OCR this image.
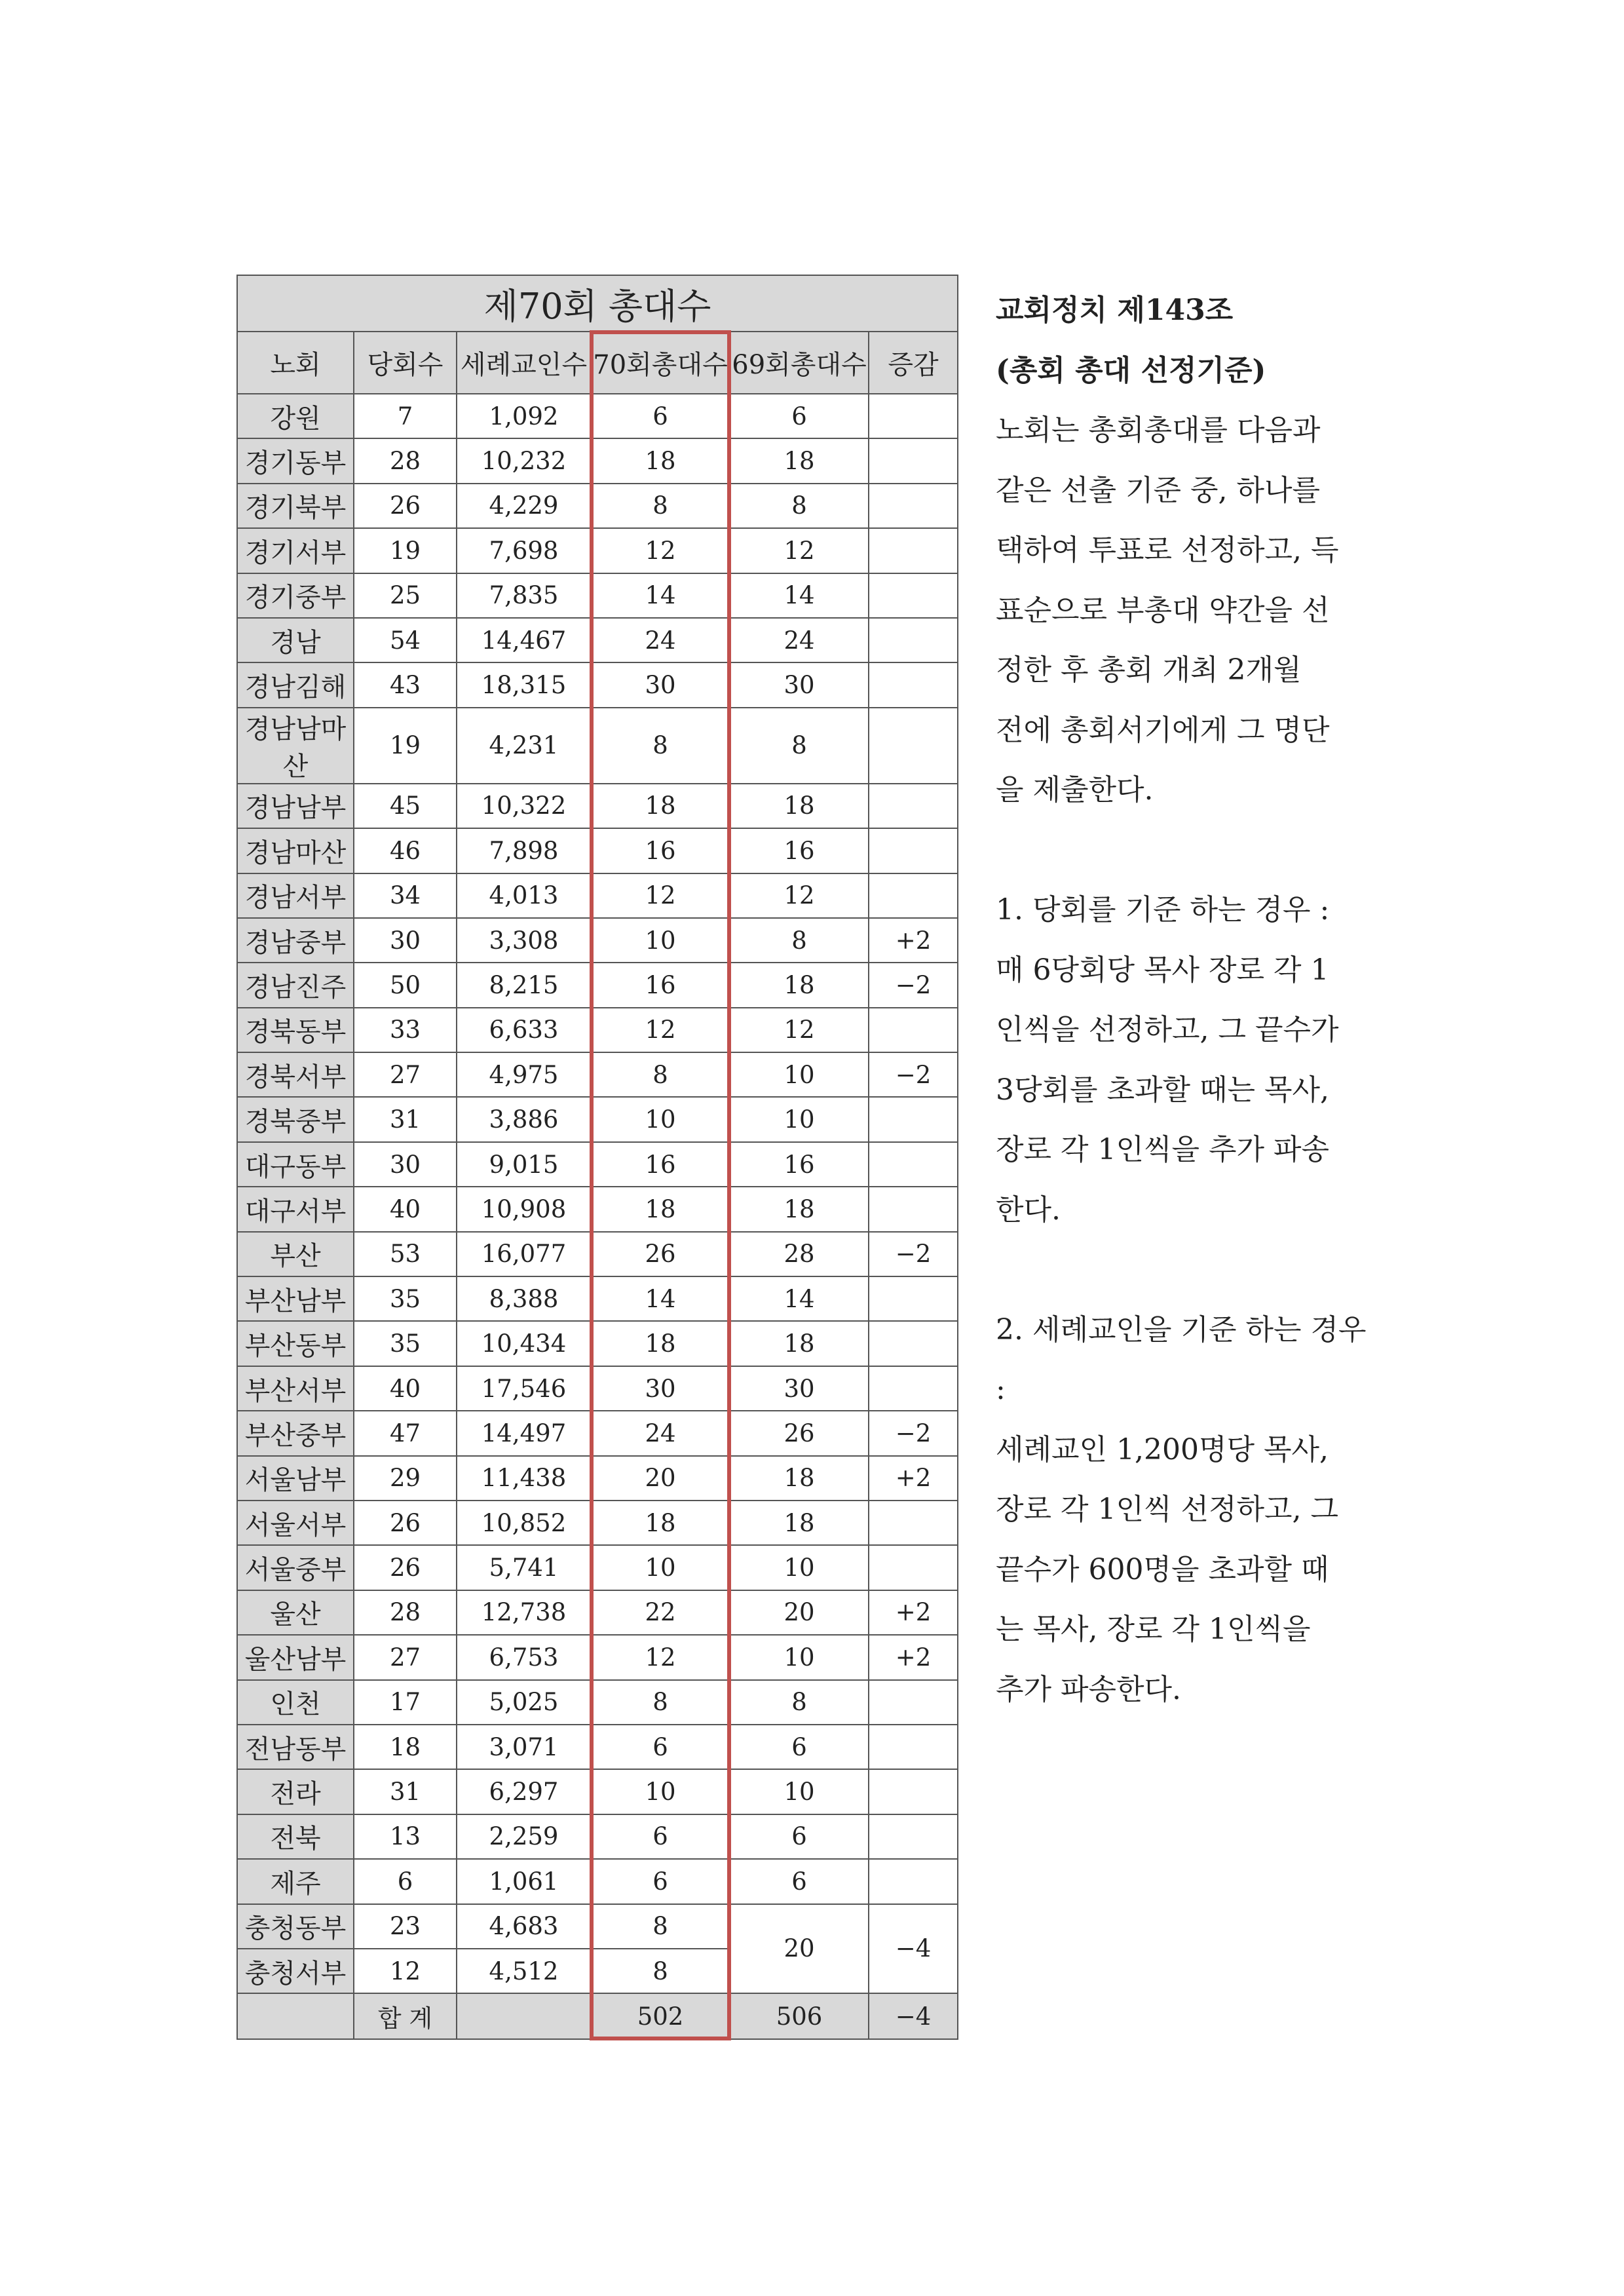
제70회 총대수					
노회	당회수	세례교인수	70회총대수	69회총대수	증감
강원	7	1,092	6	6	
경기동부	28	10,232	18	18	
경기북부	26	4,229	8	8	
경기서부	19	7,698	12	12	
경기중부	25	7,835	14	14	
경남	54	14,467	24	24	
경남김해	43	18,315	30	30	
경남남마산	19	4,231	8	8	
경남남부	45	10,322	18	18	
경남마산	46	7,898	16	16	
경남서부	34	4,013	12	12	
경남중부	30	3,308	10	8	+2
경남진주	50	8,215	16	18	−2
경북동부	33	6,633	12	12	
경북서부	27	4,975	8	10	−2
경북중부	31	3,886	10	10	
대구동부	30	9,015	16	16	
대구서부	40	10,908	18	18	
부산	53	16,077	26	28	−2
부산남부	35	8,388	14	14	
부산동부	35	10,434	18	18	
부산서부	40	17,546	30	30	
부산중부	47	14,497	24	26	−2
서울남부	29	11,438	20	18	+2
서울서부	26	10,852	18	18	
서울중부	26	5,741	10	10	
울산	28	12,738	22	20	+2
울산남부	27	6,753	12	10	+2
인천	17	5,025	8	8	
전남동부	18	3,071	6	6	
전라	31	6,297	10	10	
전북	13	2,259	6	6	
제주	6	1,061	6	6	
충청동부	23	4,683	8	20	−4
충청서부	12	4,512	8		
	합 계		502	506	−4
교회정치 제143조
(총회 총대 선정기준)

노회는 총회총대를 다음과

같은 선출 기준 중, 하나를

택하여 투표로 선정하고, 득

표순으로 부총대 약간을 선

정한 후 총회 개최 2개월

전에 총회서기에게 그 명단

을 제출한다.

1. 당회를 기준 하는 경우 :

매 6당회당 목사 장로 각 1

인씩을 선정하고, 그 끝수가

3당회를 초과할 때는 목사,

장로 각 1인씩을 추가 파송

한다.

2. 세례교인을 기준 하는 경우

:

세례교인 1,200명당 목사,

장로 각 1인씩 선정하고, 그

끝수가 600명을 초과할 때

는 목사, 장로 각 1인씩을

추가 파송한다.
